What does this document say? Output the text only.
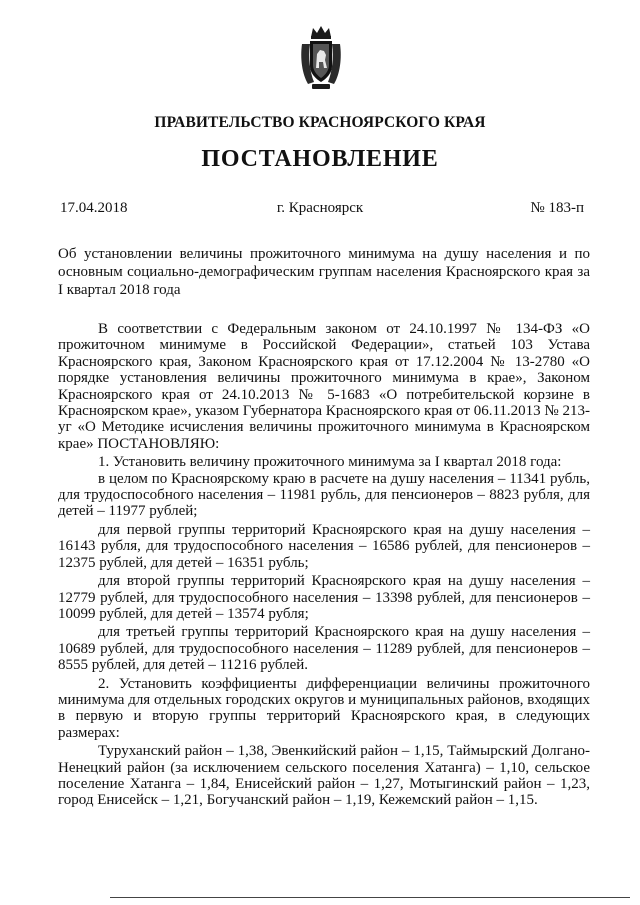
ПРАВИТЕЛЬСТВО КРАСНОЯРСКОГО КРАЯ
ПОСТАНОВЛЕНИЕ
17.04.2018	г. Красноярск	№ 183-п
Об установлении величины прожиточного минимума на душу населения и по основным социально-демографическим группам населения Красноярского края за I квартал 2018 года

В соответствии с Федеральным законом от 24.10.1997 № 134-ФЗ «О прожиточном минимуме в Российской Федерации», статьей 103 Устава Красноярского края, Законом Красноярского края от 17.12.2004 № 13-2780 «О порядке установления величины прожиточного минимума в крае», Законом Красноярского края от 24.10.2013 № 5-1683 «О потребительской корзине в Красноярском крае», указом Губернатора Красноярского края от 06.11.2013 № 213-уг «О Методике исчисления величины прожиточного минимума в Красноярском крае» ПОСТАНОВЛЯЮ:

1. Установить величину прожиточного минимума за I квартал 2018 года:

в целом по Красноярскому краю в расчете на душу населения – 11341 рубль, для трудоспособного населения – 11981 рубль, для пенсионеров – 8823 рубля, для детей – 11977 рублей;

для первой группы территорий Красноярского края на душу населения – 16143 рубля, для трудоспособного населения – 16586 рублей, для пенсионеров – 12375 рублей, для детей – 16351 рубль;

для второй группы территорий Красноярского края на душу населения – 12779 рублей, для трудоспособного населения – 13398 рублей, для пенсионеров – 10099 рублей, для детей – 13574 рубля;

для третьей группы территорий Красноярского края на душу населения – 10689 рублей, для трудоспособного населения – 11289 рублей, для пенсионеров – 8555 рублей, для детей – 11216 рублей.

2. Установить коэффициенты дифференциации величины прожиточного минимума для отдельных городских округов и муниципальных районов, входящих в первую и вторую группы территорий Красноярского края, в следующих размерах:

Туруханский район – 1,38, Эвенкийский район – 1,15, Таймырский Долгано-Ненецкий район (за исключением сельского поселения Хатанга) – 1,10, сельское поселение Хатанга – 1,84, Енисейский район – 1,27, Мотыгинский район – 1,23, город Енисейск – 1,21, Богучанский район – 1,19, Кежемский район – 1,15.
